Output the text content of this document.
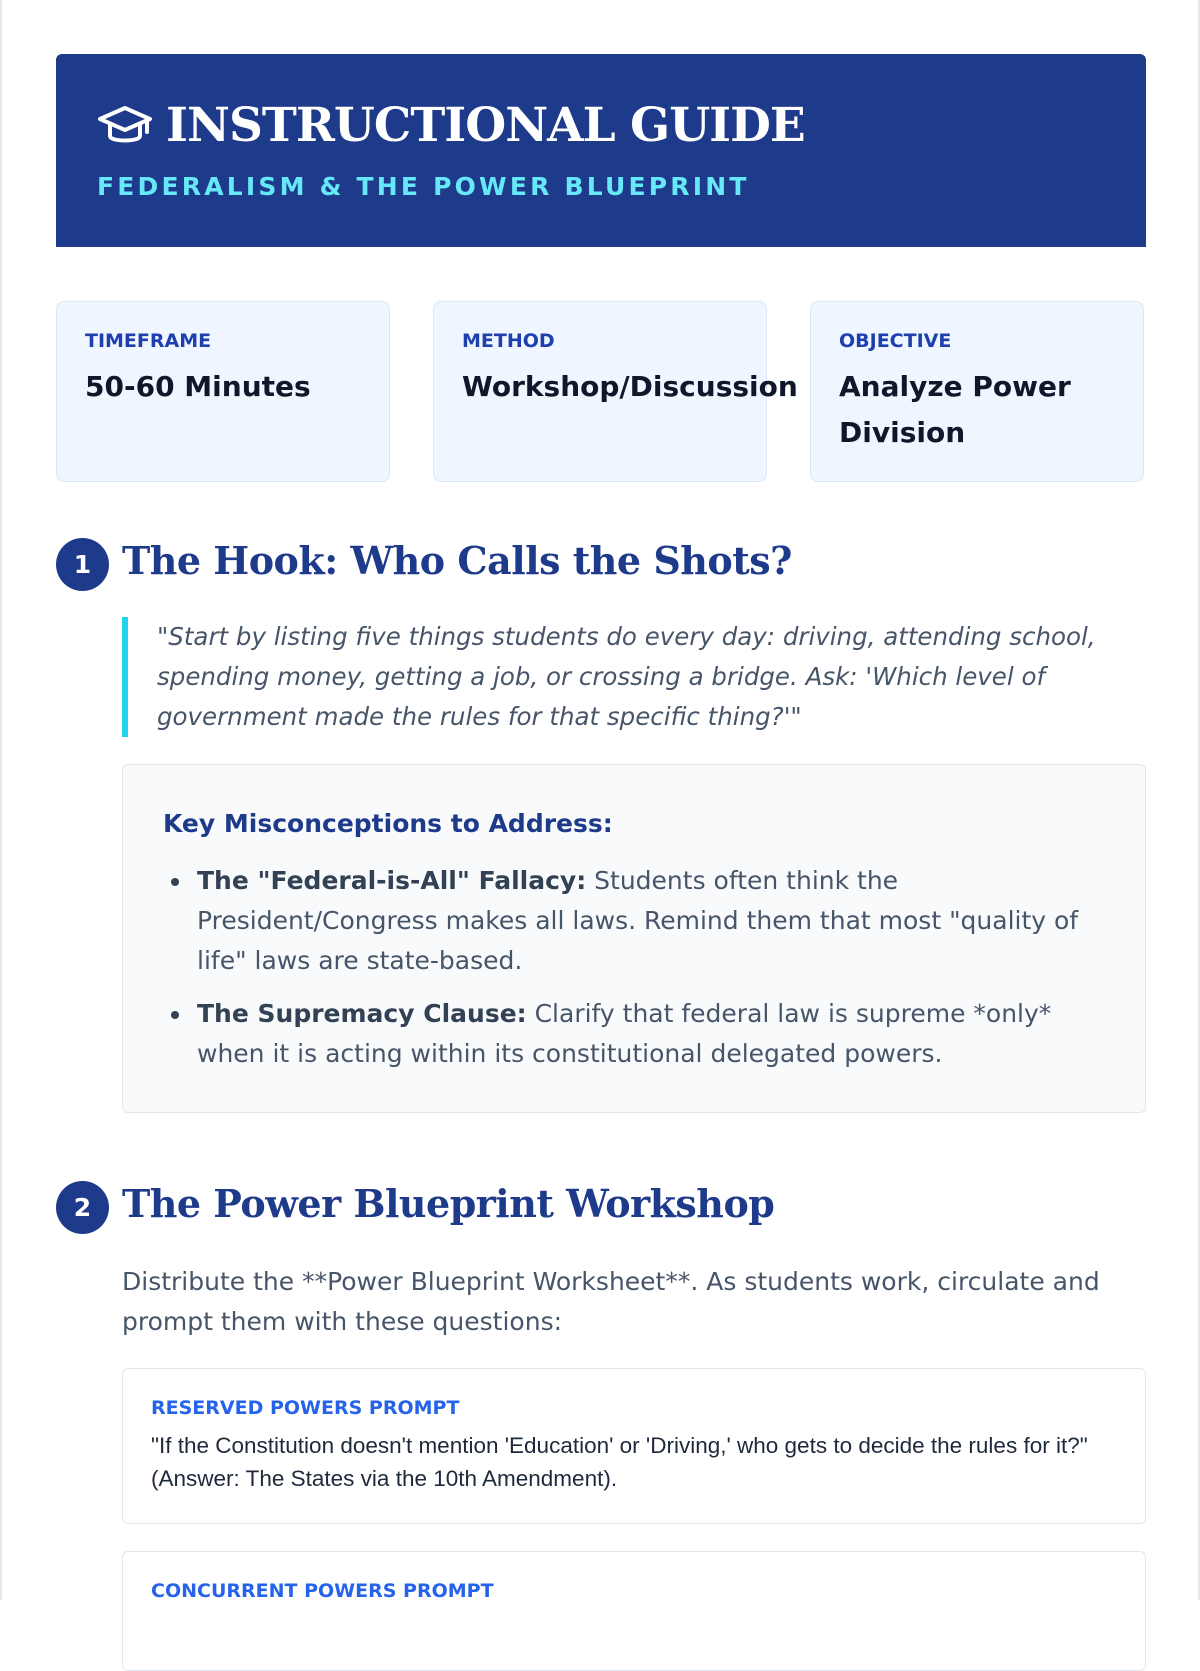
INSTRUCTIONAL GUIDE
FEDERALISM & THE POWER BLUEPRINT
TIMEFRAME
50-60 Minutes
METHOD
Workshop/Discussion
OBJECTIVE
Analyze Power Division
1 The Hook: Who Calls the Shots?

"Start by listing five things students do every day: driving, attending school, spending money, getting a job, or crossing a bridge. Ask: 'Which level of government made the rules for that specific thing?'"

Key Misconceptions to Address:
The "Federal-is-All" Fallacy: Students often think the President/Congress makes all laws. Remind them that most "quality of life" laws are state-based.
The Supremacy Clause: Clarify that federal law is supreme *only* when it is acting within its constitutional delegated powers.
2 The Power Blueprint Workshop

Distribute the **Power Blueprint Worksheet**. As students work, circulate and prompt them with these questions:

RESERVED POWERS PROMPT

"If the Constitution doesn't mention 'Education' or 'Driving,' who gets to decide the rules for it?" (Answer: The States via the 10th Amendment).

CONCURRENT POWERS PROMPT
